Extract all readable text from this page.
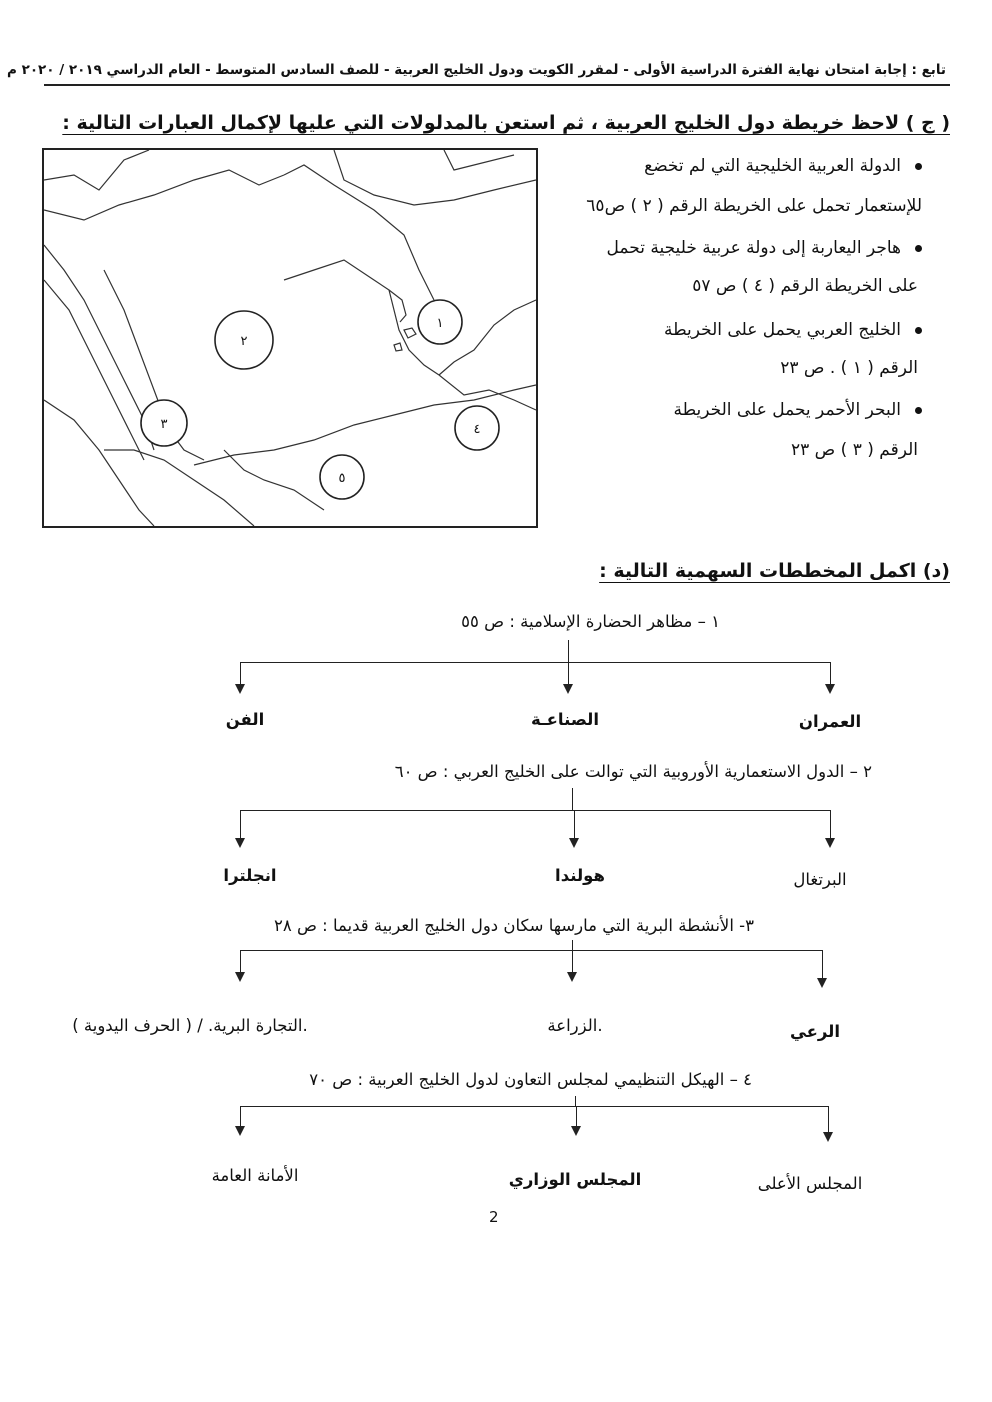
تابع : إجابة امتحان نهاية الفترة الدراسية الأولى - لمقرر الكويت ودول الخليج العربية - للصف السادس المتوسط - العام الدراسي ٢٠١٩ / ٢٠٢٠ م
( ج ) لاحظ خريطة دول الخليج العربية ، ثم استعن بالمدلولات التي عليها لإكمال العبارات التالية :
١
٢
٣	٤
٥
الدولة العربية الخليجية التي لم تخضع
للإستعمار تحمل على الخريطة الرقم ( ٢ ) ص٦٥
هاجر اليعاربة إلى دولة عربية خليجية تحمل
على الخريطة الرقم ( ٤ ) ص ٥٧
الخليج العربي يحمل على الخريطة
الرقم ( ١ ) . ص ٢٣
البحر الأحمر يحمل على الخريطة
الرقم ( ٣ ) ص ٢٣
(د) اكمل المخططات السهمية التالية :
١ – مظاهر الحضارة الإسلامية : ص ٥٥
العمران
الصناعـة
الفن
٢ – الدول الاستعمارية الأوروبية التي توالت على الخليج العربي : ص ٦٠
البرتغال
هولندا
انجلترا
٣- الأنشطة البرية التي مارسها سكان دول الخليج العربية قديما : ص ٢٨
الرعي
الزراعة.
التجارة البرية. / ( الحرف اليدوية ).
٤ – الهيكل التنظيمي لمجلس التعاون لدول الخليج العربية : ص ٧٠
المجلس الأعلى
المجلس الوزاري
الأمانة العامة
2
